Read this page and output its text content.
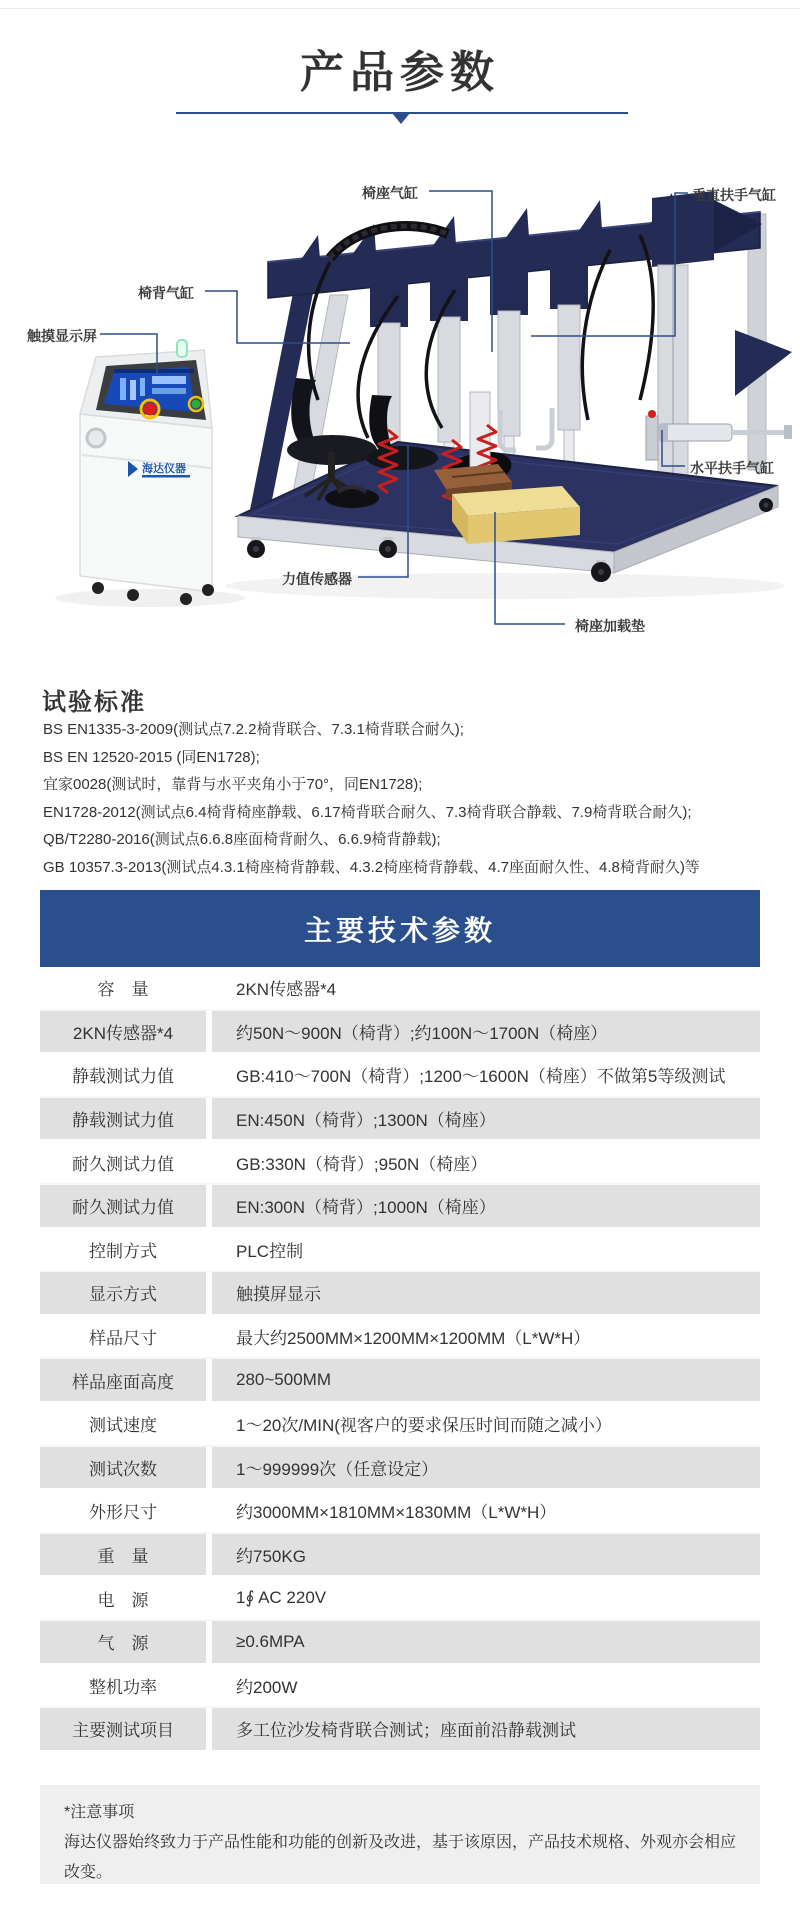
产品参数
海达仪器
椅座气缸	垂直扶手气缸
椅背气缸
触摸显示屏
水平扶手气缸
力值传感器
椅座加载垫
试验标准
BS EN1335-3-2009(测试点7.2.2椅背联合、7.3.1椅背联合耐久);
BS EN 12520-2015 (同EN1728);
宜家0028(测试时，靠背与水平夹角小于70°，同EN1728);
EN1728-2012(测试点6.4椅背椅座静载、6.17椅背联合耐久、7.3椅背联合静载、7.9椅背联合耐久);
QB/T2280-2016(测试点6.6.8座面椅背耐久、6.6.9椅背静载);
GB 10357.3-2013(测试点4.3.1椅座椅背静载、4.3.2椅座椅背静载、4.7座面耐久性、4.8椅背耐久)等
主要技术参数
容　量	2KN传感器*4
2KN传感器*4	约50N～900N（椅背）;约100N～1700N（椅座）
静载测试力值	GB:410～700N（椅背）;1200～1600N（椅座）不做第5等级测试
静载测试力值	EN:450N（椅背）;1300N（椅座）
耐久测试力值	GB:330N（椅背）;950N（椅座）
耐久测试力值	EN:300N（椅背）;1000N（椅座）
控制方式	PLC控制
显示方式	触摸屏显示
样品尺寸	最大约2500MM×1200MM×1200MM（L*W*H）
样品座面高度	280~500MM
测试速度	1～20次/MIN(视客户的要求保压时间而随之减小）
测试次数	1～999999次（任意设定）
外形尺寸	约3000MM×1810MM×1830MM（L*W*H）
重　量	约750KG
电　源	1∮ AC 220V
气　源	≥0.6MPA
整机功率	约200W
主要测试项目	多工位沙发椅背联合测试；座面前沿静载测试
*注意事项
海达仪器始终致力于产品性能和功能的创新及改进，基于该原因，产品技术规格、外观亦会相应改变。
